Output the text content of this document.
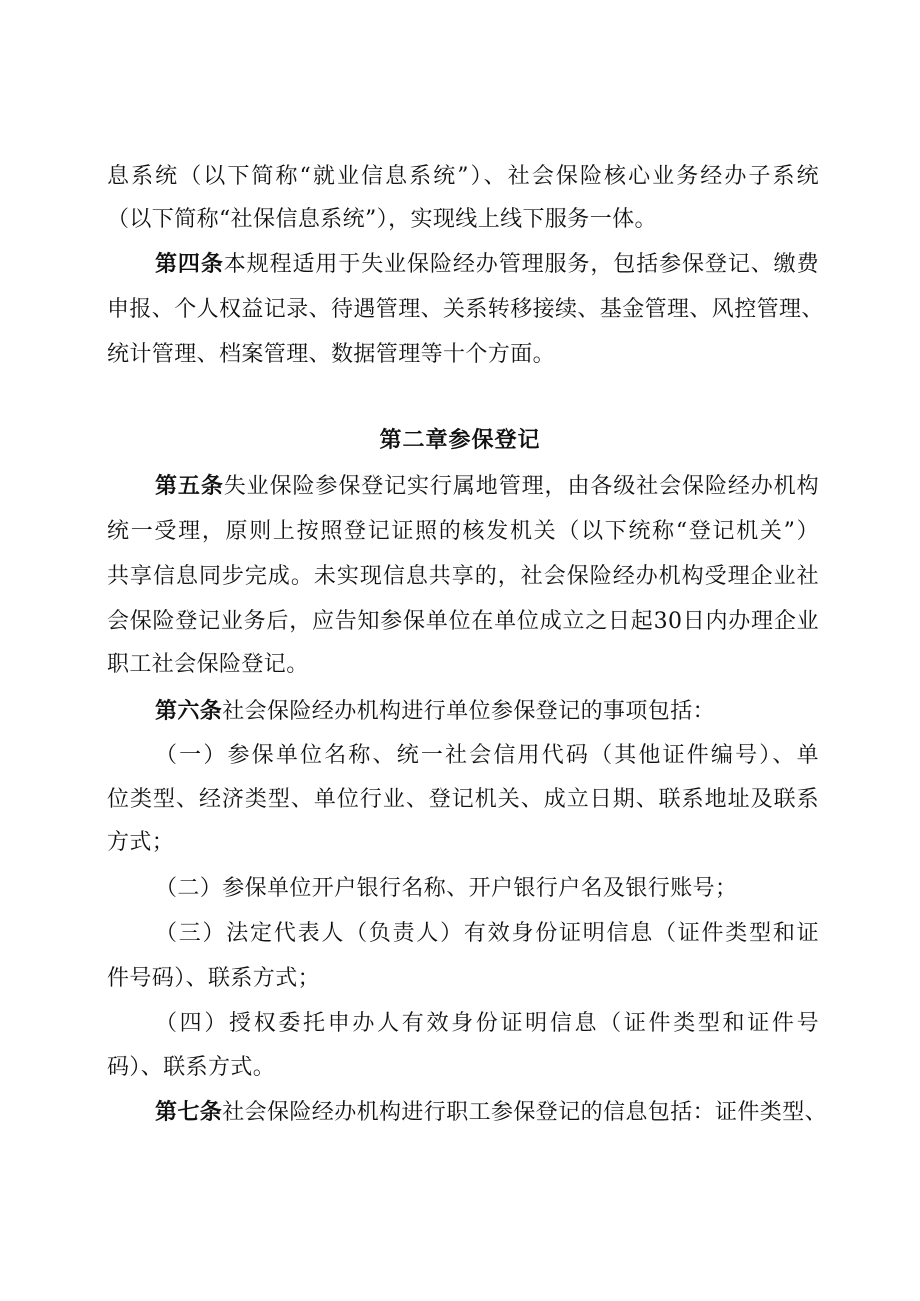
息系统（以下简称“就业信息系统”）、社会保险核心业务经办子系统
（以下简称“社保信息系统”），实现线上线下服务一体。
第四条本规程适用于失业保险经办管理服务，包括参保登记、缴费
申报、个人权益记录、待遇管理、关系转移接续、基金管理、风控管理、
统计管理、档案管理、数据管理等十个方面。
第二章参保登记
第五条失业保险参保登记实行属地管理，由各级社会保险经办机构
统一受理，原则上按照登记证照的核发机关（以下统称“登记机关”）
共享信息同步完成。未实现信息共享的，社会保险经办机构受理企业社
会保险登记业务后，应告知参保单位在单位成立之日起30日内办理企业
职工社会保险登记。
第六条社会保险经办机构进行单位参保登记的事项包括：
（一）参保单位名称、统一社会信用代码（其他证件编号）、单
位类型、经济类型、单位行业、登记机关、成立日期、联系地址及联系
方式；
（二）参保单位开户银行名称、开户银行户名及银行账号；
（三）法定代表人（负责人）有效身份证明信息（证件类型和证
件号码）、联系方式；
（四）授权委托申办人有效身份证明信息（证件类型和证件号
码）、联系方式。
第七条社会保险经办机构进行职工参保登记的信息包括：证件类型、
